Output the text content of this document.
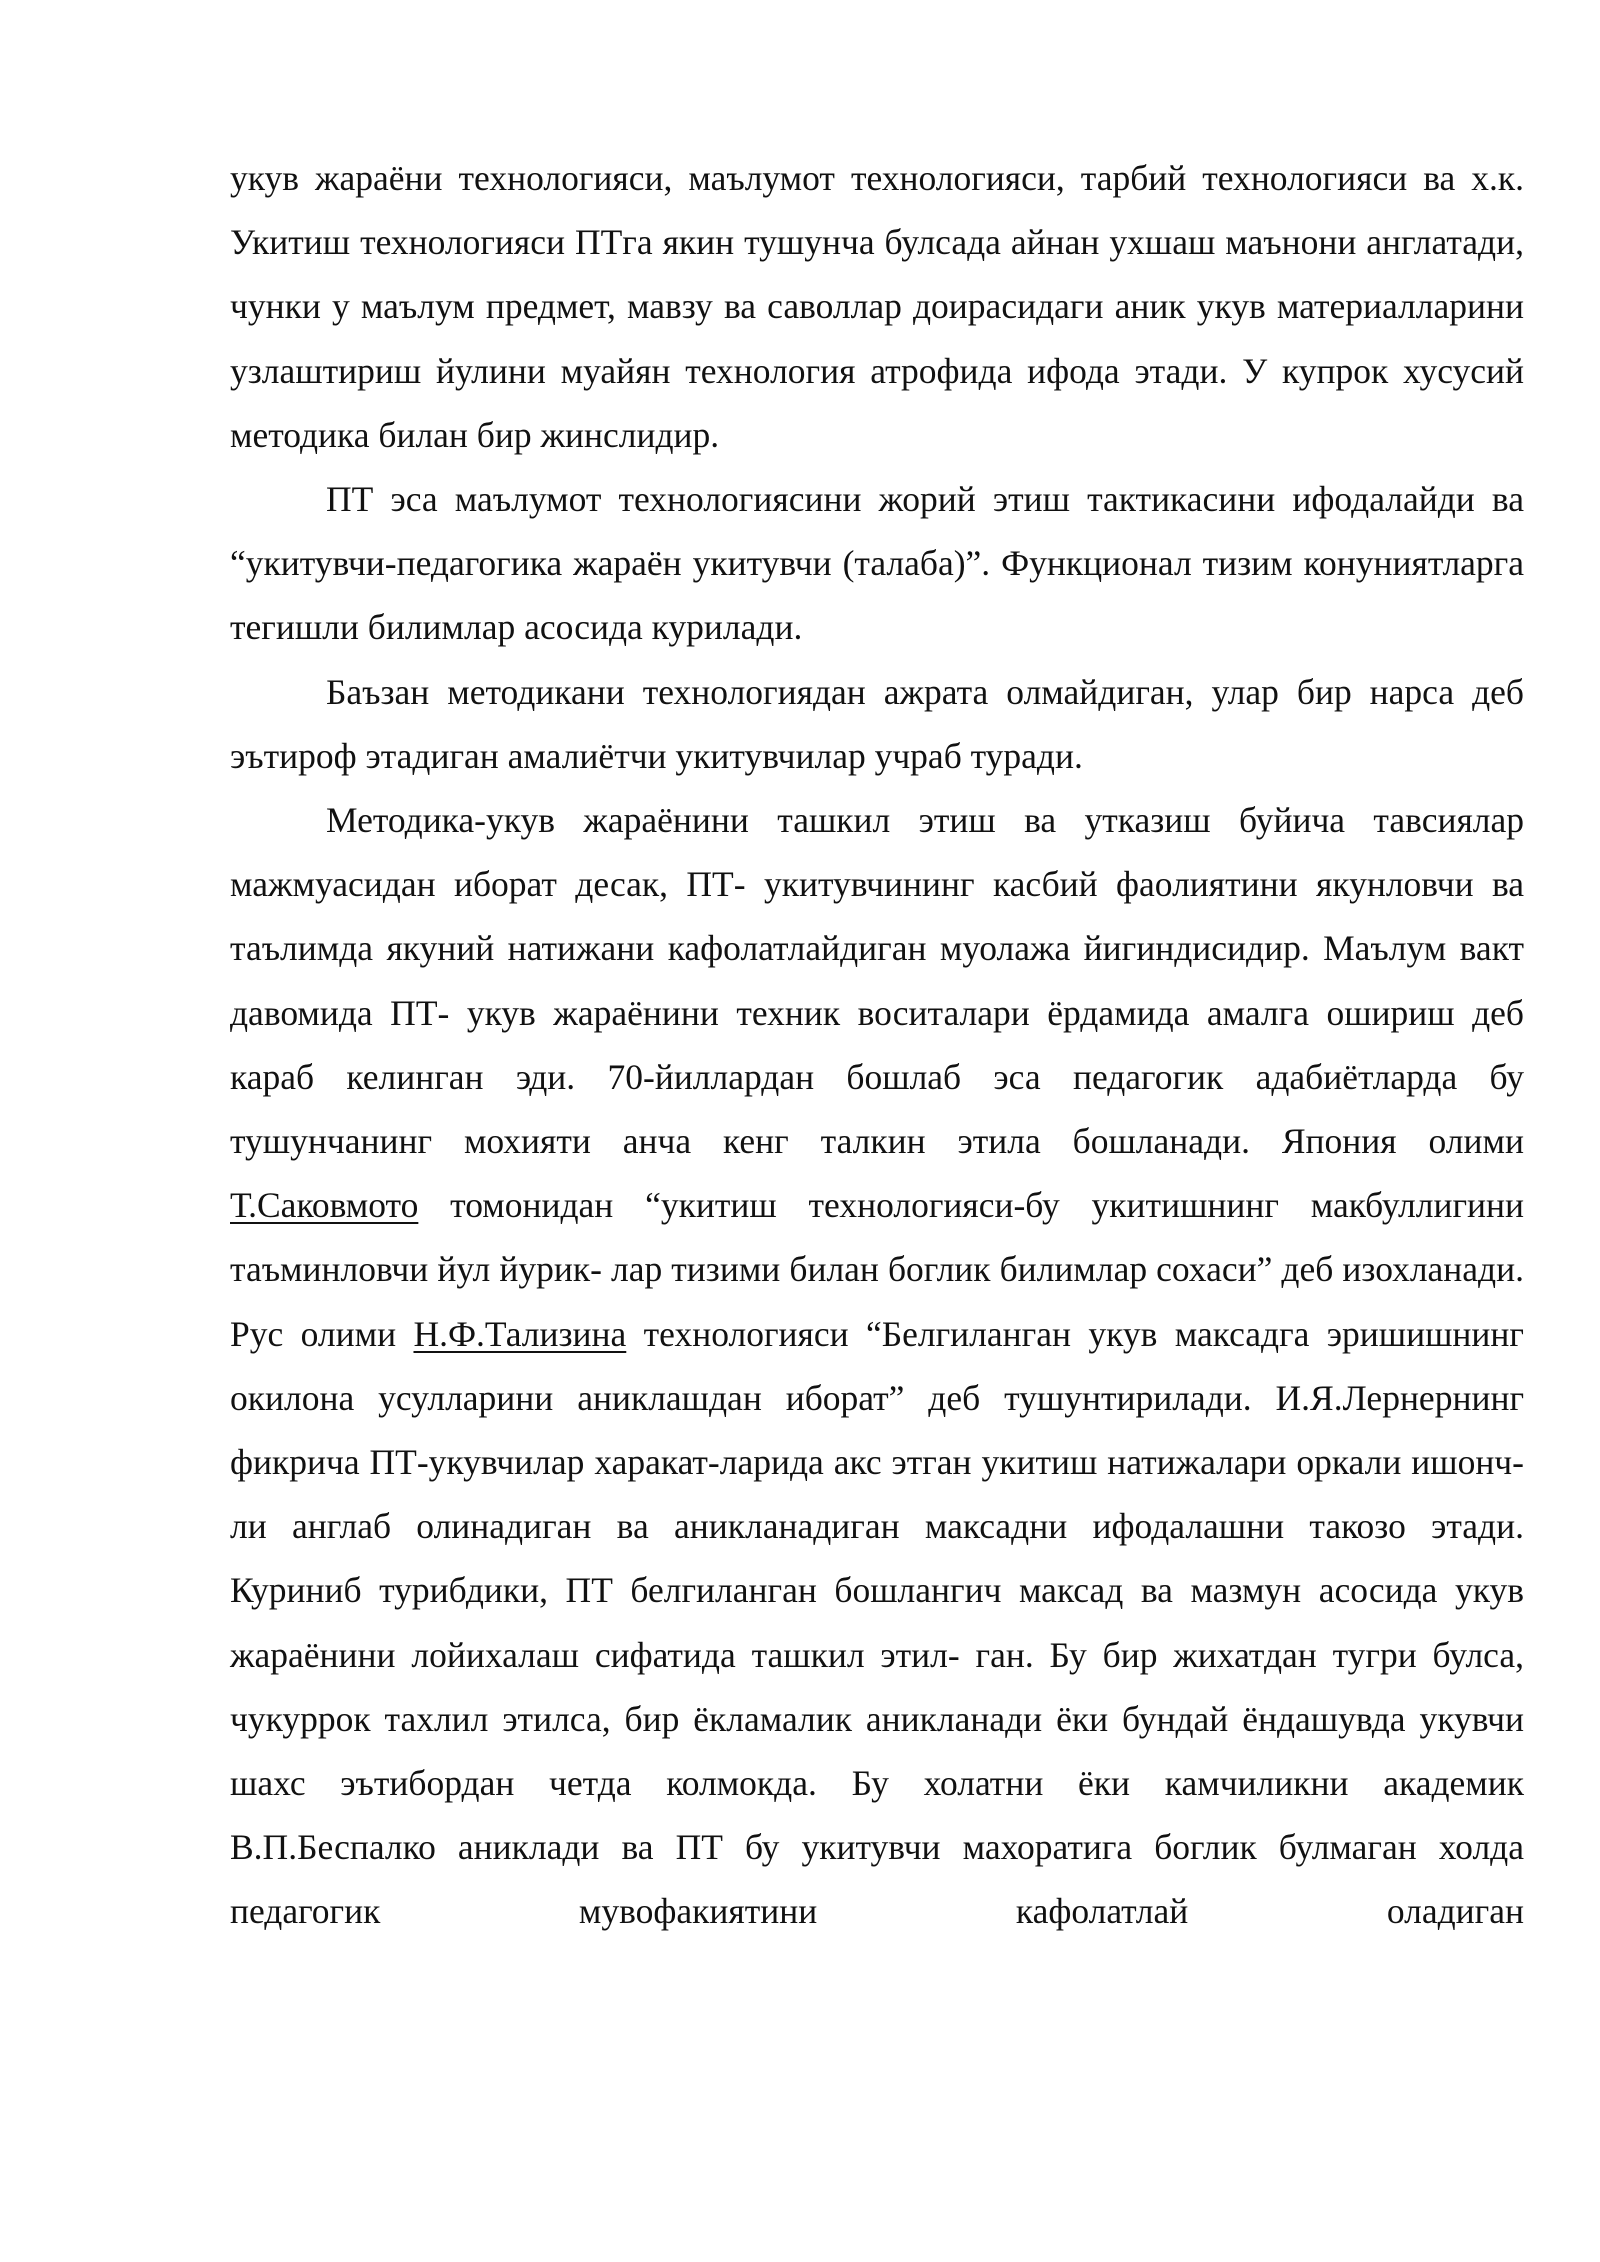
укув жараёни технологияси, маълумот технологияси, тарбий технологияси ва х.к. Укитиш технологияси ПТга якин тушунча булсада айнан ухшаш маънони англатади, чунки у маълум предмет, мавзу ва саволлар доирасидаги аник укув материалларини узлаштириш йулини муайян технология атрофида ифода этади. У купрок хусусий методика билан бир жинслидир.

ПТ эса маълумот технологиясини жорий этиш тактикасини ифодалайди ва “укитувчи-педагогика жараён укитувчи (талаба)”. Функционал тизим конуниятларга тегишли билимлар асосида курилади.

Баъзан методикани технологиядан ажрата олмайдиган, улар бир нарса деб эътироф этадиган амалиётчи укитувчилар учраб туради.

Методика-укув жараёнини ташкил этиш ва утказиш буйича тавсиялар мажмуасидан иборат десак, ПТ- укитувчининг касбий фаолиятини якунловчи ва таълимда якуний натижани кафолатлайдиган муолажа йигиндисидир. Маълум вакт давомида ПТ- укув жараёнини техник воситалари ёрдамида амалга ошириш деб караб келинган эди. 70-йиллардан бошлаб эса педагогик адабиётларда бу тушунчанинг мохияти анча кенг талкин этила бошланади. Япония олими Т.Саковмото томонидан “укитиш технологияси-бу укитишнинг макбуллигини таъминловчи йул йурик- лар тизими билан боглик билимлар сохаси” деб изохланади. Рус олими Н.Ф.Тализина технологияси “Белгиланган укув максадга эришишнинг окилона усулларини аниклашдан иборат” деб тушунтирилади. И.Я.Лернернинг фикрича ПТ-укувчилар харакат-ларида акс этган укитиш натижалари оркали ишонч- ли англаб олинадиган ва аникланадиган максадни ифодалашни такозо этади. Куриниб турибдики, ПТ белгиланган бошлангич максад ва мазмун асосида укув жараёнини лойихалаш сифатида ташкил этил- ган. Бу бир жихатдан тугри булса, чукуррок тахлил этилса, бир ёкламалик аникланади ёки бундай ёндашувда укувчи шахс эътибордан четда колмокда. Бу холатни ёки камчиликни академик В.П.Беспалко аниклади ва ПТ бу укитувчи махоратига боглик булмаган холда педагогик мувофакиятини кафолатлай оладиган
